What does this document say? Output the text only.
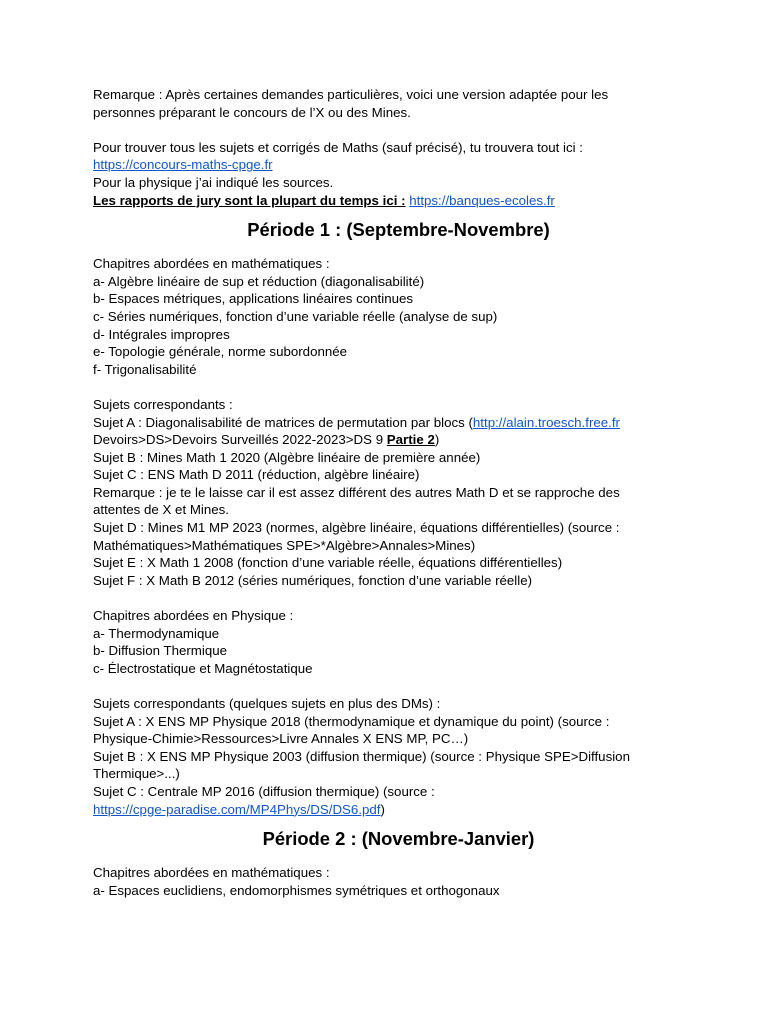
Remarque : Après certaines demandes particulières, voici une version adaptée pour les
personnes préparant le concours de l’X ou des Mines.
Pour trouver tous les sujets et corrigés de Maths (sauf précisé), tu trouvera tout ici :
https://concours-maths-cpge.fr
Pour la physique j’ai indiqué les sources.
Les rapports de jury sont la plupart du temps ici : https://banques-ecoles.fr
Période 1 : (Septembre-Novembre)
Chapitres abordées en mathématiques :
a- Algèbre linéaire de sup et réduction (diagonalisabilité)
b- Espaces métriques, applications linéaires continues
c- Séries numériques, fonction d’une variable réelle (analyse de sup)
d- Intégrales impropres
e- Topologie générale, norme subordonnée
f- Trigonalisabilité
Sujets correspondants :
Sujet A : Diagonalisabilité de matrices de permutation par blocs (http://alain.troesch.free.fr
Devoirs>DS>Devoirs Surveillés 2022-2023>DS 9 Partie 2)
Sujet B : Mines Math 1 2020 (Algèbre linéaire de première année)
Sujet C : ENS Math D 2011 (réduction, algèbre linéaire)
Remarque : je te le laisse car il est assez différent des autres Math D et se rapproche des
attentes de X et Mines.
Sujet D : Mines M1 MP 2023 (normes, algèbre linéaire, équations différentielles) (source :
Mathématiques>Mathématiques SPE>*Algèbre>Annales>Mines)
Sujet E : X Math 1 2008 (fonction d’une variable réelle, équations différentielles)
Sujet F : X Math B 2012 (séries numériques, fonction d’une variable réelle)
Chapitres abordées en Physique :
a- Thermodynamique
b- Diffusion Thermique
c- Électrostatique et Magnétostatique
Sujets correspondants (quelques sujets en plus des DMs) :
Sujet A : X ENS MP Physique 2018 (thermodynamique et dynamique du point) (source :
Physique-Chimie>Ressources>Livre Annales X ENS MP, PC…)
Sujet B : X ENS MP Physique 2003 (diffusion thermique) (source : Physique SPE>Diffusion
Thermique>...)
Sujet C : Centrale MP 2016 (diffusion thermique) (source :
https://cpge-paradise.com/MP4Phys/DS/DS6.pdf)
Période 2 : (Novembre-Janvier)
Chapitres abordées en mathématiques :
a- Espaces euclidiens, endomorphismes symétriques et orthogonaux
